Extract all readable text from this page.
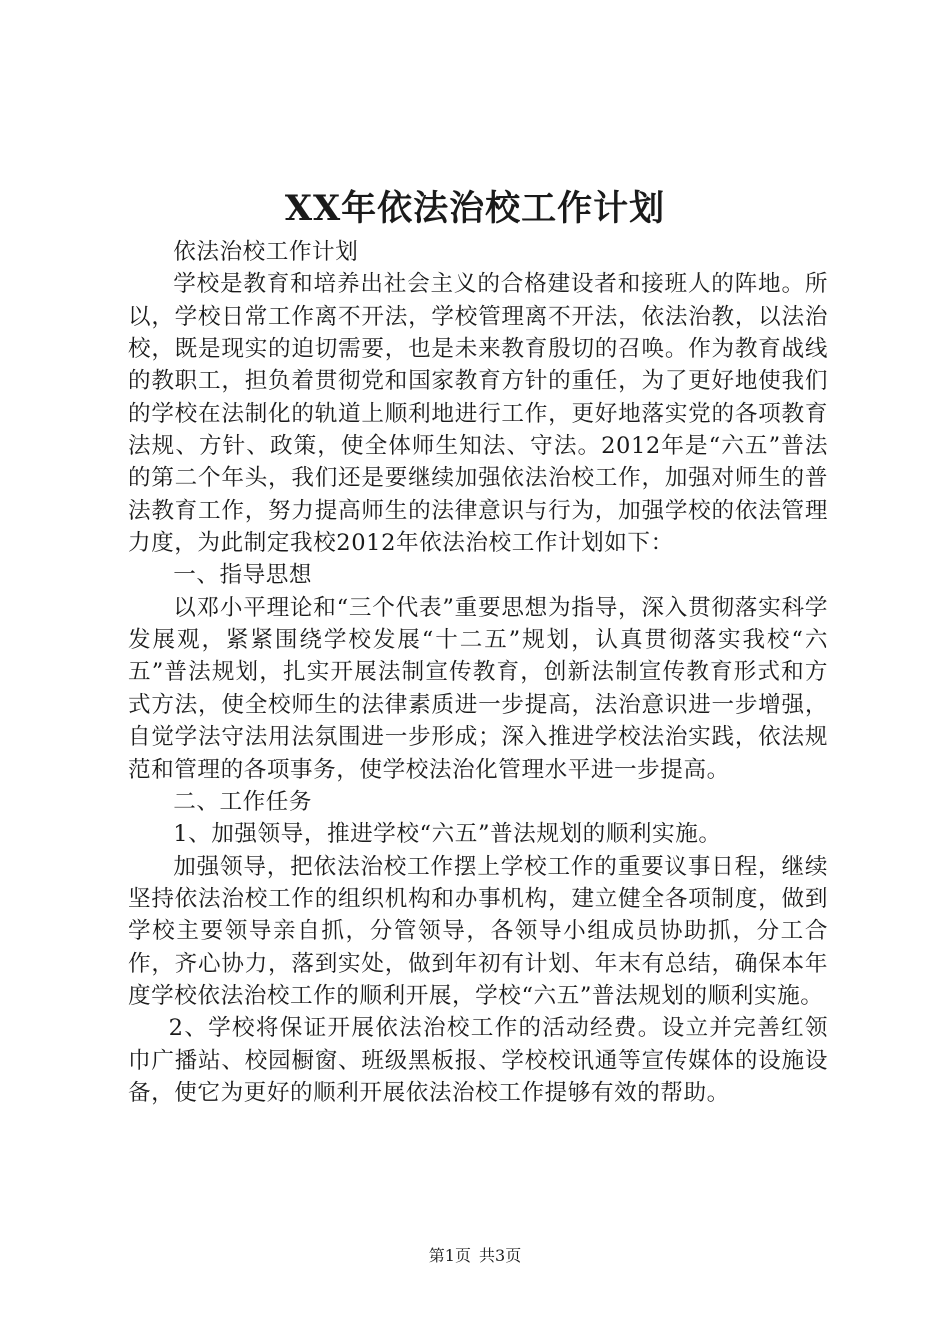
XX年依法治校工作计划

依法治校工作计划

学校是教育和培养出社会主义的合格建设者和接班人的阵地。所以，学校日常工作离不开法，学校管理离不开法，依法治教，以法治校，既是现实的迫切需要，也是未来教育殷切的召唤。作为教育战线的教职工，担负着贯彻党和国家教育方针的重任，为了更好地使我们的学校在法制化的轨道上顺利地进行工作，更好地落实党的各项教育法规、方针、政策，使全体师生知法、守法。2012年是“六五”普法的第二个年头，我们还是要继续加强依法治校工作，加强对师生的普法教育工作，努力提高师生的法律意识与行为，加强学校的依法管理力度，为此制定我校2012年依法治校工作计划如下：

一、指导思想

以邓小平理论和“三个代表”重要思想为指导，深入贯彻落实科学发展观，紧紧围绕学校发展“十二五”规划，认真贯彻落实我校“六五”普法规划，扎实开展法制宣传教育，创新法制宣传教育形式和方式方法，使全校师生的法律素质进一步提高，法治意识进一步增强，自觉学法守法用法氛围进一步形成；深入推进学校法治实践，依法规范和管理的各项事务，使学校法治化管理水平进一步提高。

二、工作任务

1、加强领导，推进学校“六五”普法规划的顺利实施。

加强领导，把依法治校工作摆上学校工作的重要议事日程，继续坚持依法治校工作的组织机构和办事机构，建立健全各项制度，做到学校主要领导亲自抓，分管领导，各领导小组成员协助抓，分工合作，齐心协力，落到实处，做到年初有计划、年末有总结，确保本年度学校依法治校工作的顺利开展，学校“六五”普法规划的顺利实施。

2、学校将保证开展依法治校工作的活动经费。设立并完善红领巾广播站、校园橱窗、班级黑板报、学校校讯通等宣传媒体的设施设备，使它为更好的顺利开展依法治校工作提够有效的帮助。

第1页 共3页
